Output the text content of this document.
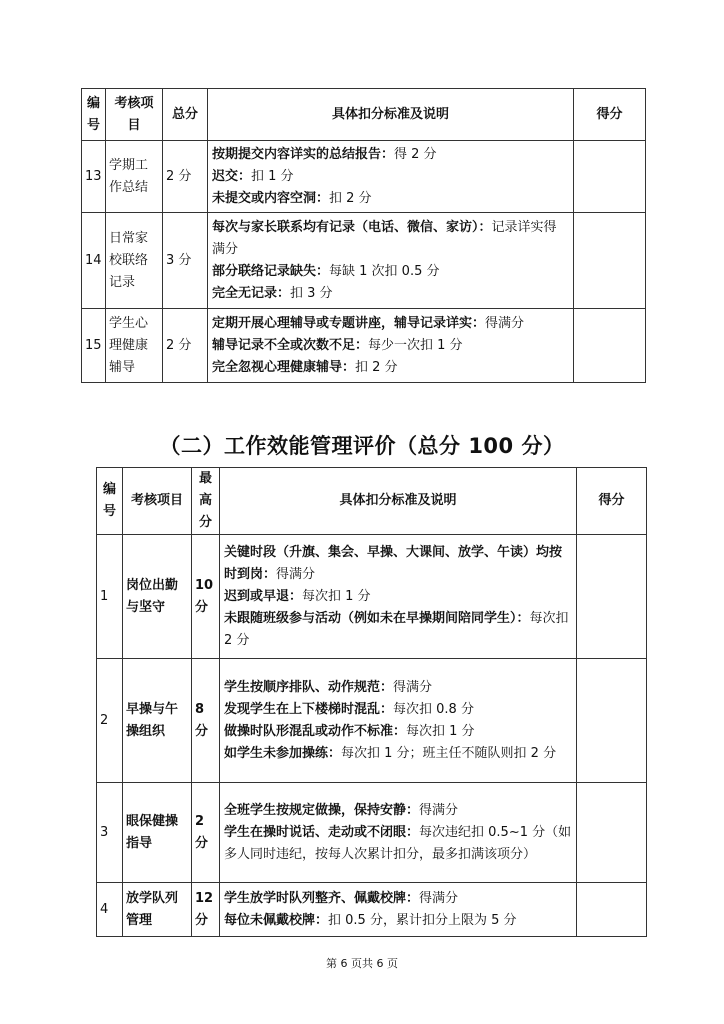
编号	考核项目	总分	具体扣分标准及说明	得分
13	学期工作总结	2 分	按期提交内容详实的总结报告：得 2 分
迟交：扣 1 分
未提交或内容空洞：扣 2 分	

14	日常家校联络记录	3 分	每次与家长联系均有记录（电话、微信、家访）：记录详实得满分
部分联络记录缺失：每缺 1 次扣 0.5 分
完全无记录：扣 3 分	

15	学生心理健康辅导	2 分	定期开展心理辅导或专题讲座，辅导记录详实：得满分
辅导记录不全或次数不足：每少一次扣 1 分
完全忽视心理健康辅导：扣 2 分	

（二）工作效能管理评价（总分 100 分）
编号	考核项目	最高分	具体扣分标准及说明	得分
1	岗位出勤与坚守	10 分	关键时段（升旗、集会、早操、大课间、放学、午读）均按时到岗：得满分
迟到或早退：每次扣 1 分
未跟随班级参与活动（例如未在早操期间陪同学生）：每次扣 2 分	

2	早操与午操组织	8 分	学生按顺序排队、动作规范：得满分
发现学生在上下楼梯时混乱：每次扣 0.8 分
做操时队形混乱或动作不标准：每次扣 1 分
如学生未参加操练：每次扣 1 分；班主任不随队则扣 2 分	

3	眼保健操指导	2 分	全班学生按规定做操，保持安静：得满分
学生在操时说话、走动或不闭眼：每次违纪扣 0.5~1 分（如多人同时违纪，按每人次累计扣分，最多扣满该项分）	

4	放学队列管理	12 分	学生放学时队列整齐、佩戴校牌：得满分
每位未佩戴校牌：扣 0.5 分，累计扣分上限为 5 分	

第 6 页共 6 页
